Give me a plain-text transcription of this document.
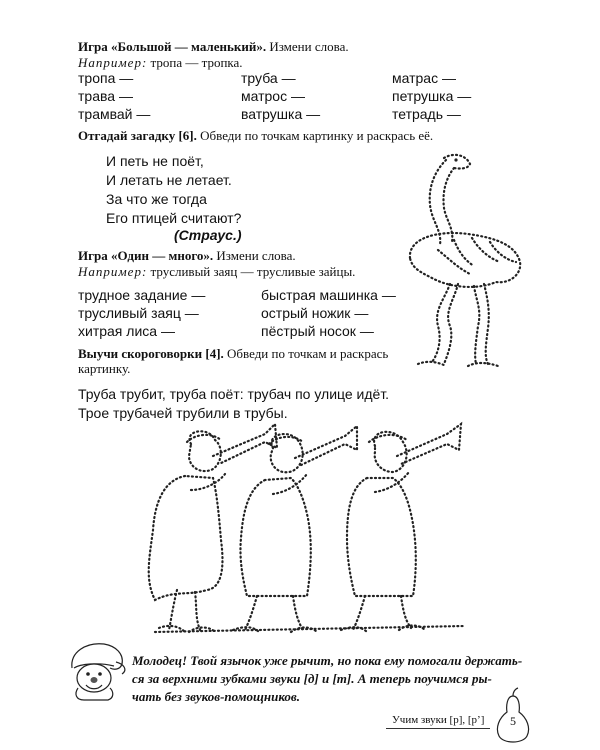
Игра «Большой — маленький». Измени слова.
Например: тропа — тропка.
тропа —	труба —	матрас —
трава —	матрос —	петрушка —
трамвай —	ватрушка —	тетрадь —
Отгадай загадку [6]. Обведи по точкам картинку и раскрась её.
И петь не поёт,
И летать не летает.
За что же тогда
Его птицей считают?
(Страус.)
Игра «Один — много». Измени слова.
Например: трусливый заяц — трусливые зайцы.
трудное задание —	быстрая машинка —
трусливый заяц —	острый ножик —
хитрая лиса —	пёстрый носок —
Выучи скороговорки [4]. Обведи по точкам и раскрась
картинку.
Труба трубит, труба поёт: трубач по улице идёт.
Трое трубачей трубили в трубы.
Молодец! Твой язычок уже рычит, но пока ему помогали держать-
ся за верхними зубками звуки [д] и [т]. А теперь поучимся ры-
чать без звуков-помощников.
Учим звуки [р], [р’]	5
